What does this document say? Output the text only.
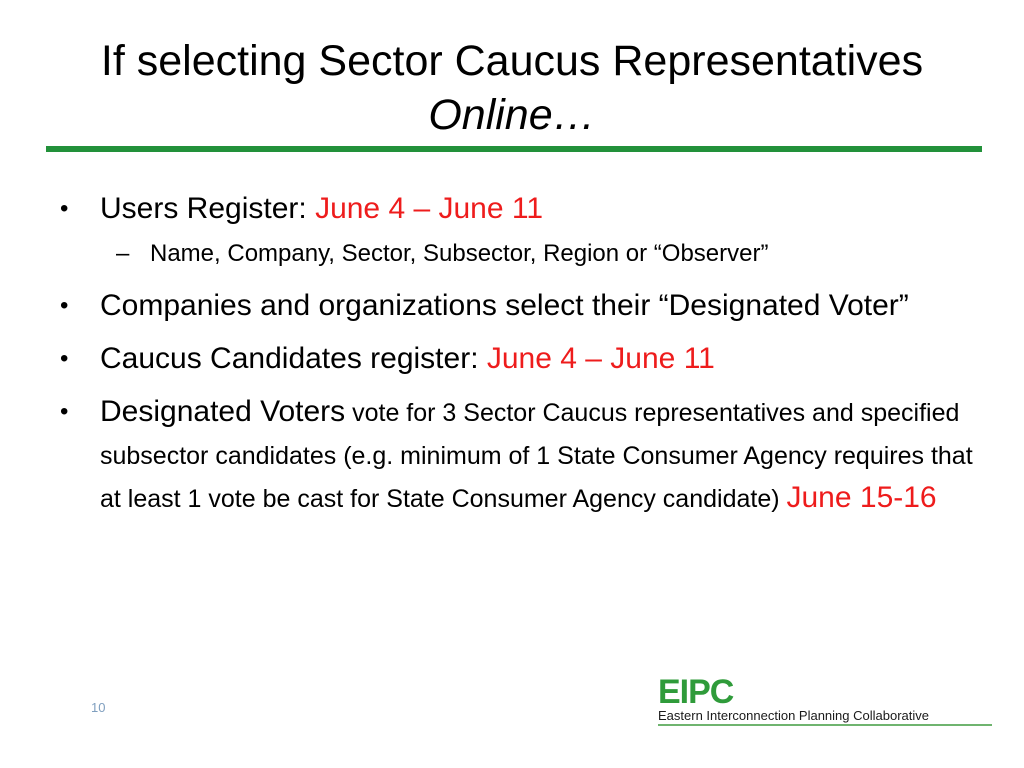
If selecting Sector Caucus Representatives
Online…
•	Users Register: June 4 – June 11
– Name, Company, Sector, Subsector, Region or “Observer”
•	Companies and organizations select their “Designated Voter”
•	Caucus Candidates register: June 4 – June 11
•	Designated Voters vote for 3 Sector Caucus representatives and specified subsector candidates (e.g. minimum of 1 State Consumer Agency requires that at least 1 vote be cast for State Consumer Agency candidate) June 15-16
10	EIPC
Eastern Interconnection Planning Collaborative
